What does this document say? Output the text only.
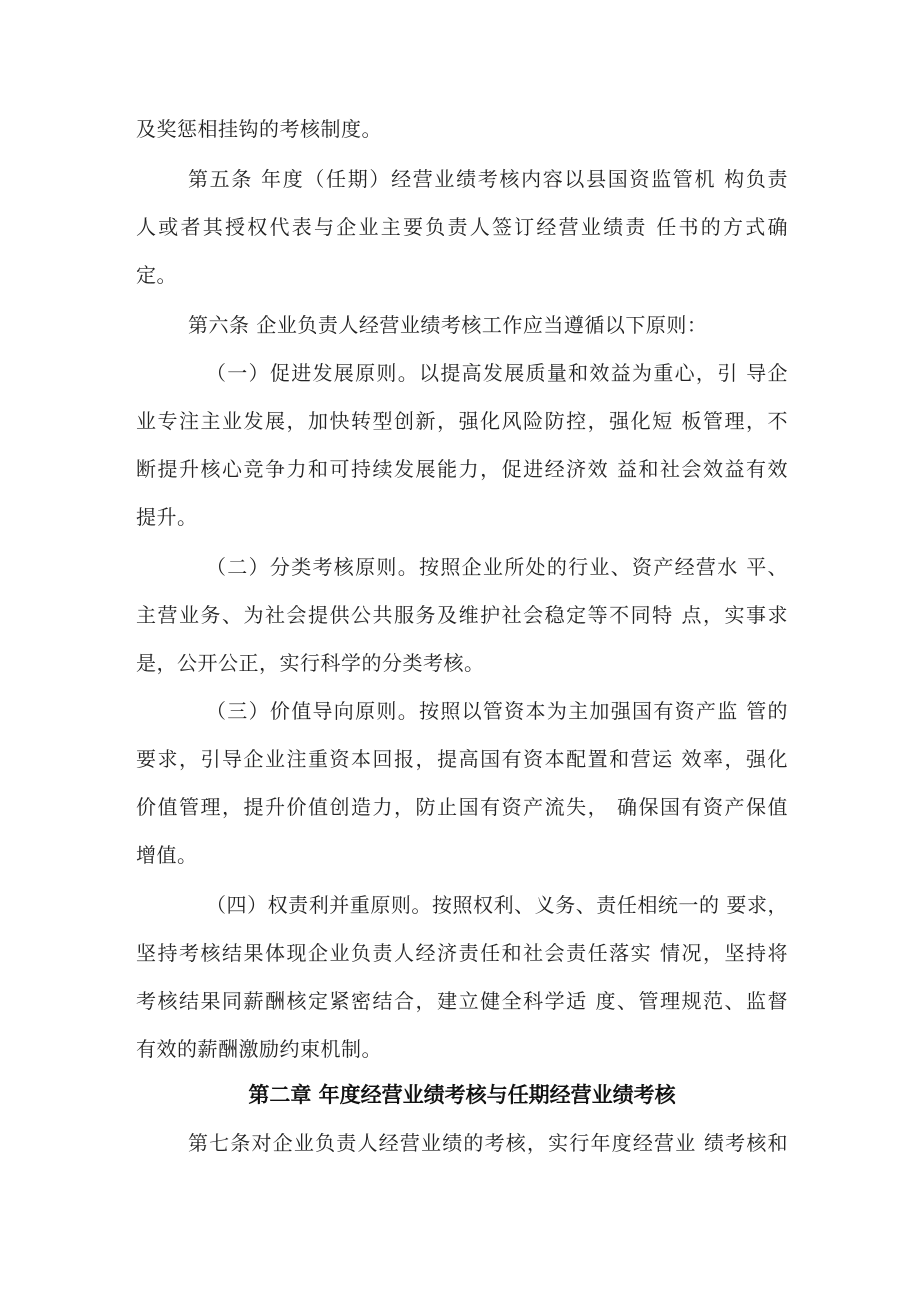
及奖惩相挂钩的考核制度。
第五条 年度（任期）经营业绩考核内容以县国资监管机 构负责
人或者其授权代表与企业主要负责人签订经营业绩责 任书的方式确
定。
第六条 企业负责人经营业绩考核工作应当遵循以下原则：
（一）促进发展原则。以提高发展质量和效益为重心，引 导企
业专注主业发展，加快转型创新，强化风险防控，强化短 板管理，不
断提升核心竞争力和可持续发展能力，促进经济效 益和社会效益有效
提升。
（二）分类考核原则。按照企业所处的行业、资产经营水 平、
主营业务、为社会提供公共服务及维护社会稳定等不同特 点，实事求
是，公开公正，实行科学的分类考核。
（三）价值导向原则。按照以管资本为主加强国有资产监 管的
要求，引导企业注重资本回报，提高国有资本配置和营运 效率，强化
价值管理，提升价值创造力，防止国有资产流失， 确保国有资产保值
增值。
（四）权责利并重原则。按照权利、义务、责任相统一的 要求，
坚持考核结果体现企业负责人经济责任和社会责任落实 情况，坚持将
考核结果同薪酬核定紧密结合，建立健全科学适 度、管理规范、监督
有效的薪酬激励约束机制。
第二章 年度经营业绩考核与任期经营业绩考核
第七条对企业负责人经营业绩的考核，实行年度经营业 绩考核和
